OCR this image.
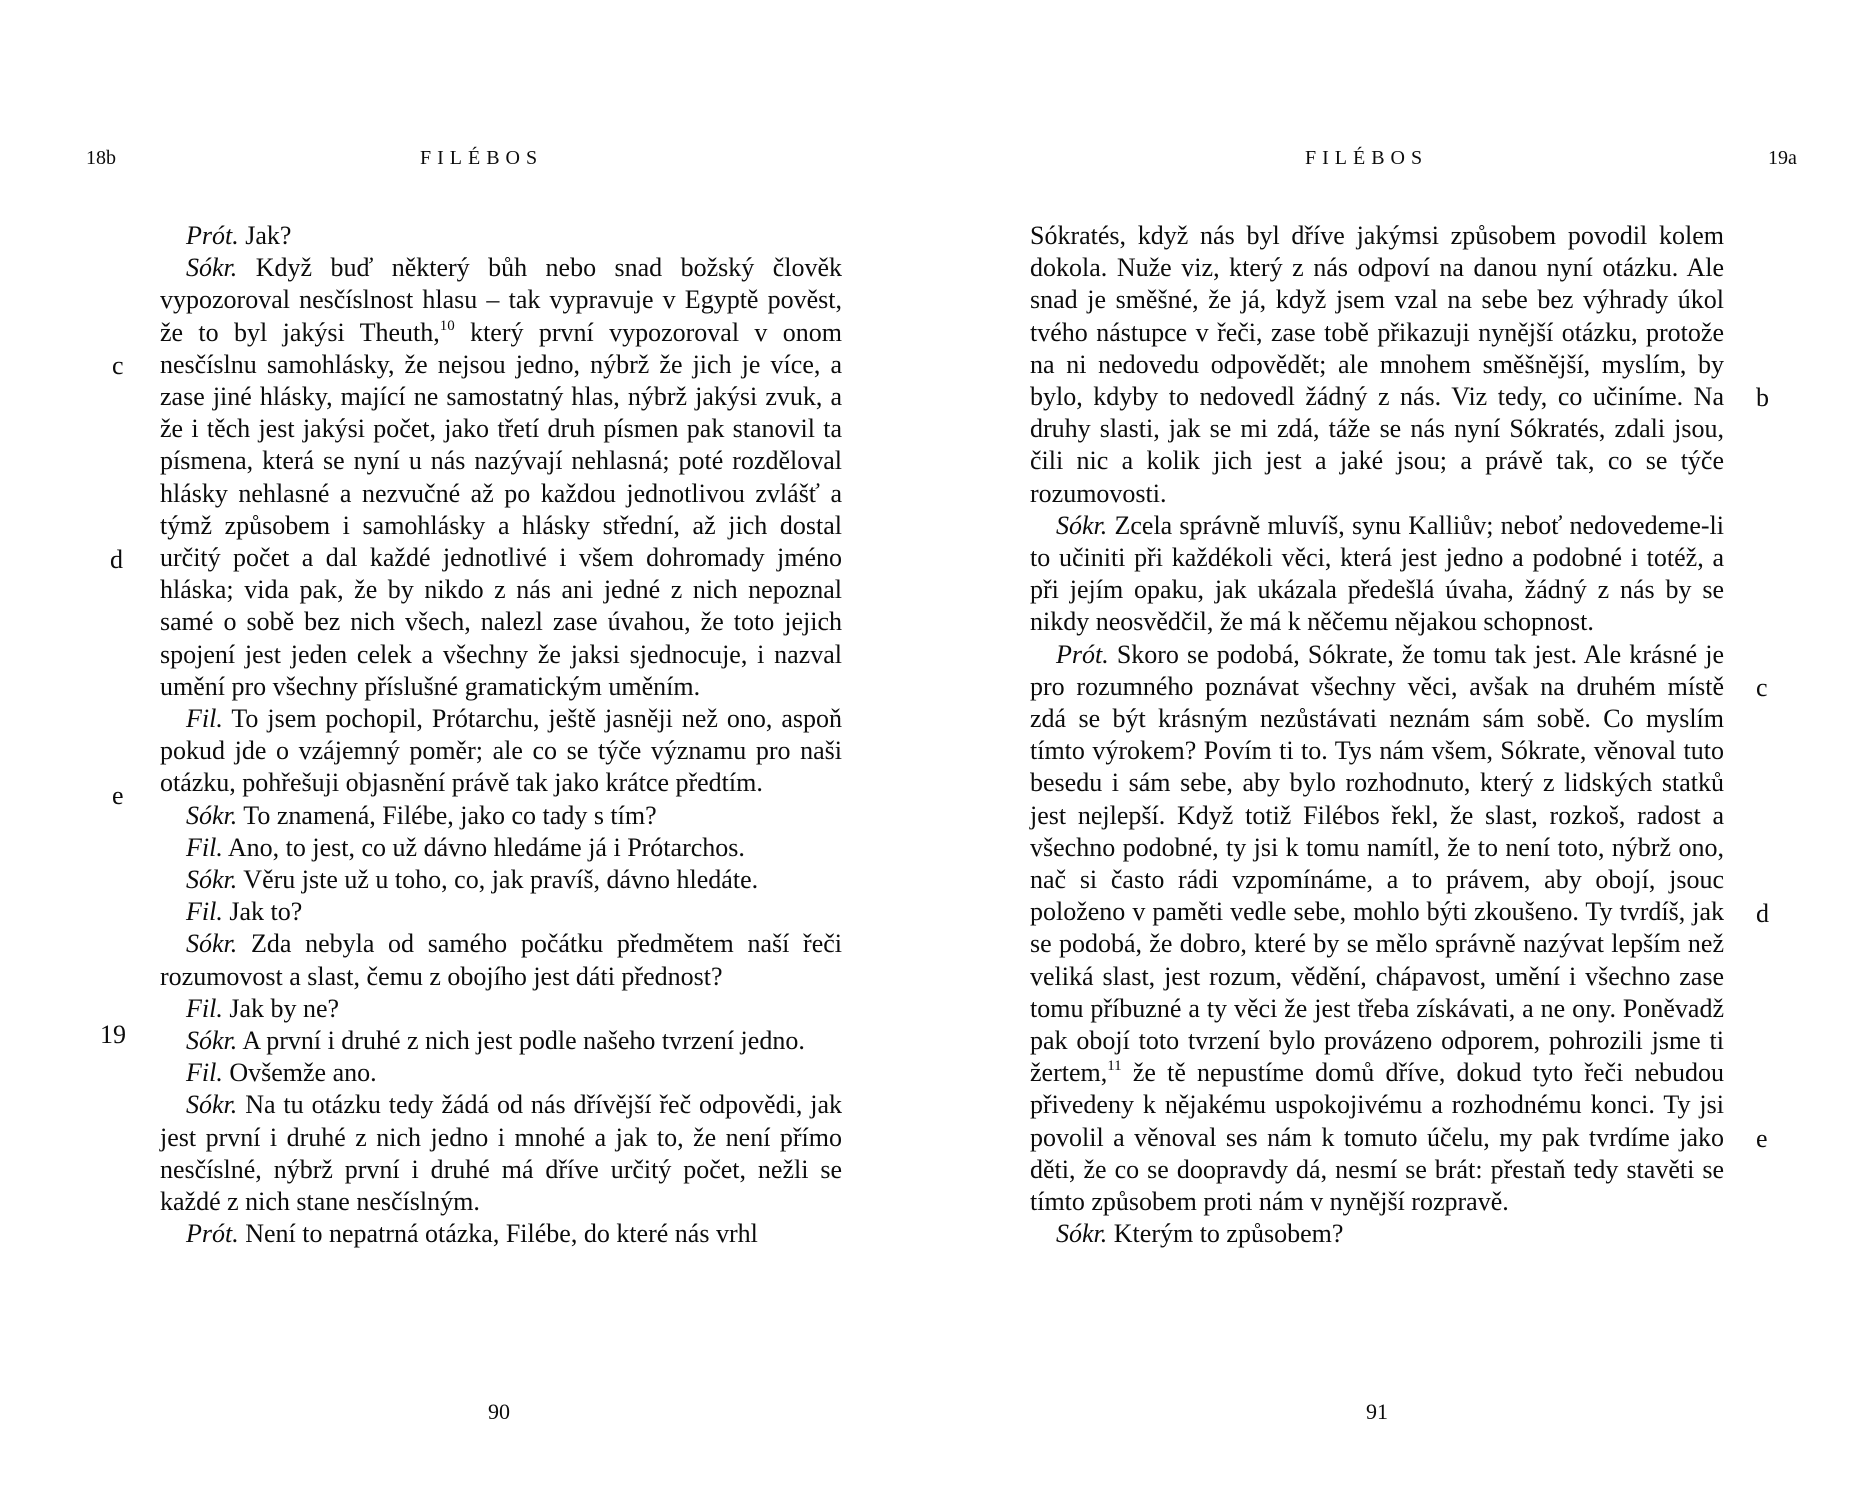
18b	FILÉBOS
c
d
e
19

Prót. Jak?

Sókr. Když buď některý bůh nebo snad božský člověk vypozoroval nesčíslnost hlasu – tak vypravuje v Egyptě pověst, že to byl jakýsi Theuth,$^{10}$ který první vypozoroval v onom nesčíslnu samohlásky, že nejsou jedno, nýbrž že jich je více, a zase jiné hlásky, mající ne samostatný hlas, nýbrž jakýsi zvuk, a že i těch jest jakýsi počet, jako třetí druh písmen pak stanovil ta písmena, která se nyní u nás nazývají nehlasná; poté rozděloval hlásky nehlasné a nezvučné až po každou jednotlivou zvlášť a týmž způsobem i samohlásky a hlásky střední, až jich dostal určitý počet a dal každé jednotlivé i všem dohromady jméno hláska; vida pak, že by nikdo z nás ani jedné z nich nepoznal samé o sobě bez nich všech, nalezl zase úvahou, že toto jejich spojení jest jeden celek a všechny že jaksi sjednocuje, i nazval umění pro všechny příslušné gramatickým uměním.

Fil. To jsem pochopil, Prótarchu, ještě jasněji než ono, aspoň pokud jde o vzájemný poměr; ale co se týče významu pro naši otázku, pohřešuji objasnění právě tak jako krátce předtím.

Sókr. To znamená, Filébe, jako co tady s tím?

Fil. Ano, to jest, co už dávno hledáme já i Prótarchos.

Sókr. Věru jste už u toho, co, jak pravíš, dávno hledáte.

Fil. Jak to?

Sókr. Zda nebyla od samého počátku předmětem naší řeči rozumovost a slast, čemu z obojího jest dáti přednost?

Fil. Jak by ne?

Sókr. A první i druhé z nich jest podle našeho tvrzení jedno.

Fil. Ovšemže ano.

Sókr. Na tu otázku tedy žádá od nás dřívější řeč odpovědi, jak jest první i druhé z nich jedno i mnohé a jak to, že není přímo nesčíslné, nýbrž první i druhé má dříve určitý počet, nežli se každé z nich stane nesčíslným.

Prót. Není to nepatrná otázka, Filébe, do které nás vrhl

90
FILÉBOS	19a
b
c
d
e

Sókratés, když nás byl dříve jakýmsi způsobem povodil kolem dokola. Nuže viz, který z nás odpoví na danou nyní otázku. Ale snad je směšné, že já, když jsem vzal na sebe bez výhrady úkol tvého nástupce v řeči, zase tobě přikazuji nynější otázku, protože na ni nedovedu odpovědět; ale mnohem směšnější, myslím, by bylo, kdyby to nedovedl žádný z nás. Viz tedy, co učiníme. Na druhy slasti, jak se mi zdá, táže se nás nyní Sókratés, zdali jsou, čili nic a kolik jich jest a jaké jsou; a právě tak, co se týče rozumovosti.

Sókr. Zcela správně mluvíš, synu Kalliův; neboť nedovedeme-li to učiniti při každékoli věci, která jest jedno a podobné i totéž, a při jejím opaku, jak ukázala předešlá úvaha, žádný z nás by se nikdy neosvědčil, že má k něčemu nějakou schopnost.

Prót. Skoro se podobá, Sókrate, že tomu tak jest. Ale krásné je pro rozumného poznávat všechny věci, avšak na druhém místě zdá se být krásným nezůstávati neznám sám sobě. Co myslím tímto výrokem? Povím ti to. Tys nám všem, Sókrate, věnoval tuto besedu i sám sebe, aby bylo rozhodnuto, který z lidských statků jest nejlepší. Když totiž Filébos řekl, že slast, rozkoš, radost a všechno podobné, ty jsi k tomu namítl, že to není toto, nýbrž ono, nač si často rádi vzpomínáme, a to právem, aby obojí, jsouc položeno v paměti vedle sebe, mohlo býti zkoušeno. Ty tvrdíš, jak se podobá, že dobro, které by se mělo správně nazývat lepším než veliká slast, jest rozum, vědění, chápavost, umění i všechno zase tomu příbuzné a ty věci že jest třeba získávati, a ne ony. Poněvadž pak obojí toto tvrzení bylo provázeno odporem, pohrozili jsme ti žertem,$^{11}$ že tě nepustíme domů dříve, dokud tyto řeči nebudou přivedeny k nějakému uspokojivému a rozhodnému konci. Ty jsi povolil a věnoval ses nám k tomuto účelu, my pak tvrdíme jako děti, že co se doopravdy dá, nesmí se brát: přestaň tedy stavěti se tímto způsobem proti nám v nynější rozpravě.

Sókr. Kterým to způsobem?

91
